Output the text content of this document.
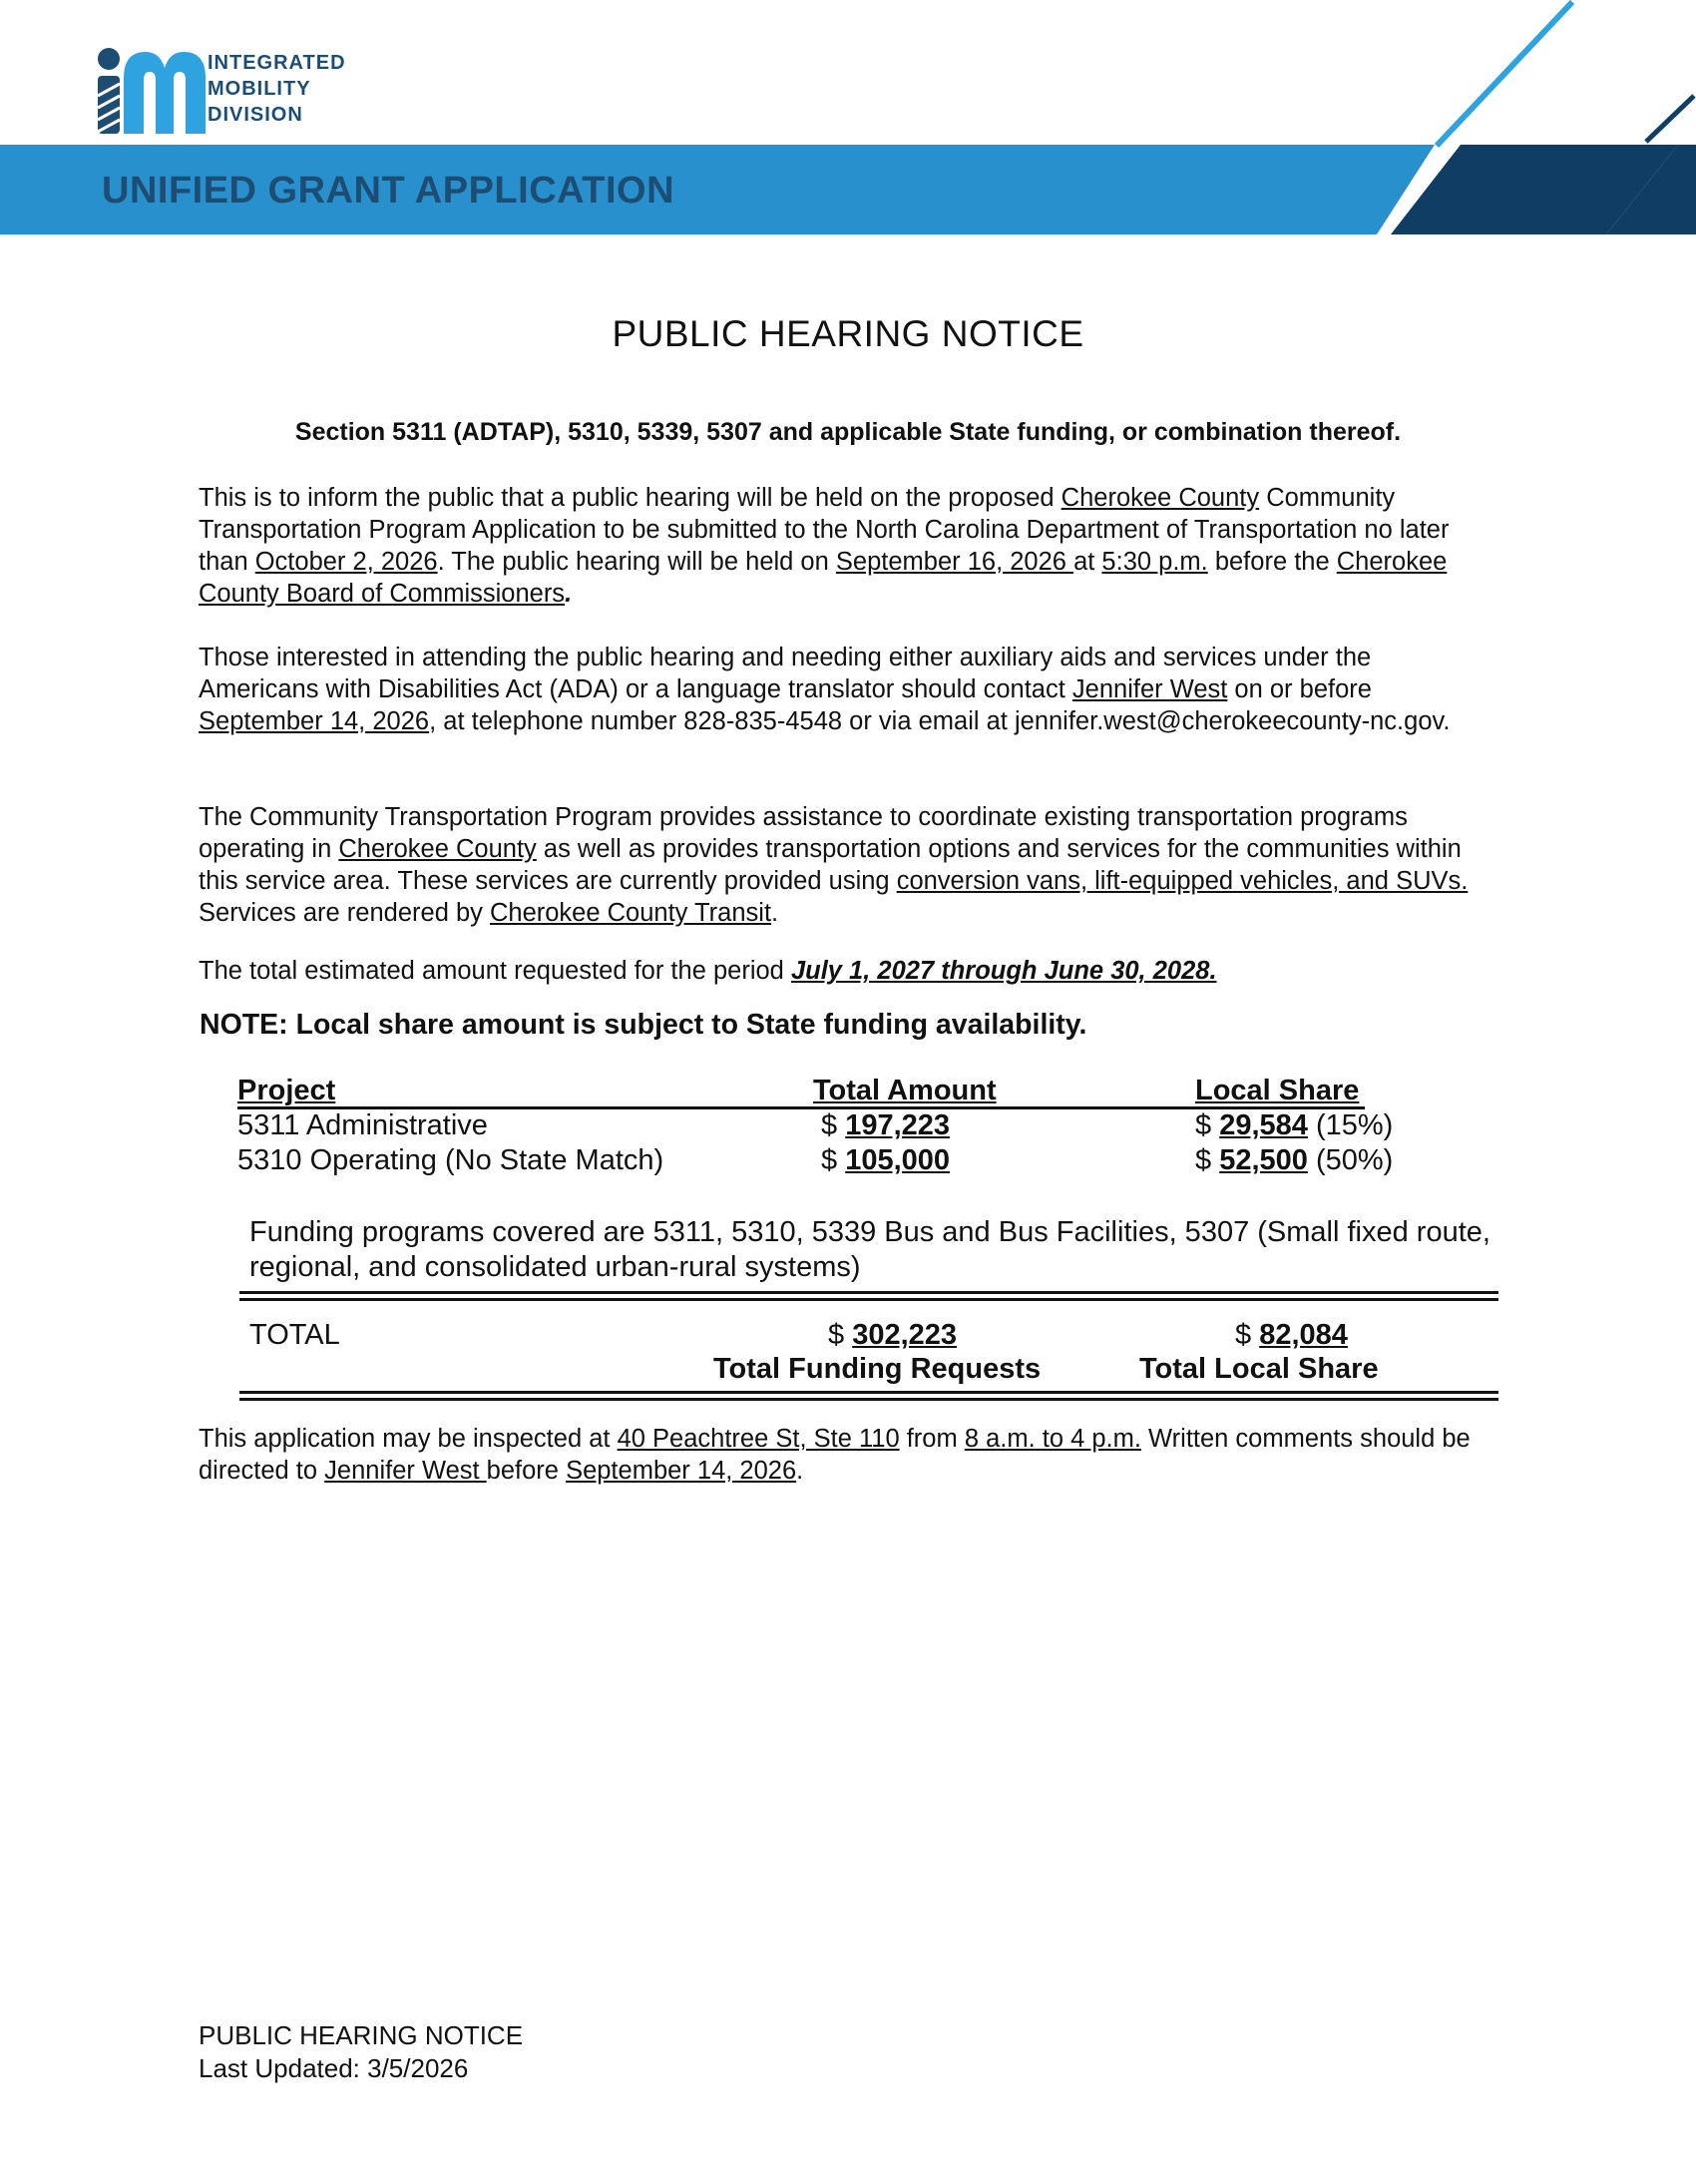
INTEGRATED
MOBILITY
DIVISION
UNIFIED GRANT APPLICATION
PUBLIC HEARING NOTICE
Section 5311 (ADTAP), 5310, 5339, 5307 and applicable State funding, or combination thereof.
This is to inform the public that a public hearing will be held on the proposed Cherokee County Community Transportation Program Application to be submitted to the North Carolina Department of Transportation no later than October 2, 2026. The public hearing will be held on September 16, 2026 at 5:30 p.m. before the Cherokee County Board of Commissioners.
Those interested in attending the public hearing and needing either auxiliary aids and services under the Americans with Disabilities Act (ADA) or a language translator should contact Jennifer West on or before September 14, 2026, at telephone number 828-835-4548 or via email at jennifer.west@cherokeecounty-nc.gov.
The Community Transportation Program provides assistance to coordinate existing transportation programs operating in Cherokee County as well as provides transportation options and services for the communities within this service area. These services are currently provided using conversion vans, lift-equipped vehicles, and SUVs. Services are rendered by Cherokee County Transit.
The total estimated amount requested for the period July 1, 2027 through June 30, 2028.
NOTE: Local share amount is subject to State funding availability.
Project	Total Amount	Local Share
5311 Administrative	$ 197,223	$ 29,584 (15%)
5310 Operating (No State Match)	$ 105,000	$ 52,500 (50%)
Funding programs covered are 5311, 5310, 5339 Bus and Bus Facilities, 5307 (Small fixed route, regional, and consolidated urban-rural systems)
TOTAL	$ 302,223	$ 82,084
Total Funding Requests	Total Local Share
This application may be inspected at 40 Peachtree St, Ste 110 from 8 a.m. to 4 p.m. Written comments should be directed to Jennifer West before September 14, 2026.
PUBLIC HEARING NOTICE
Last Updated: 3/5/2026
